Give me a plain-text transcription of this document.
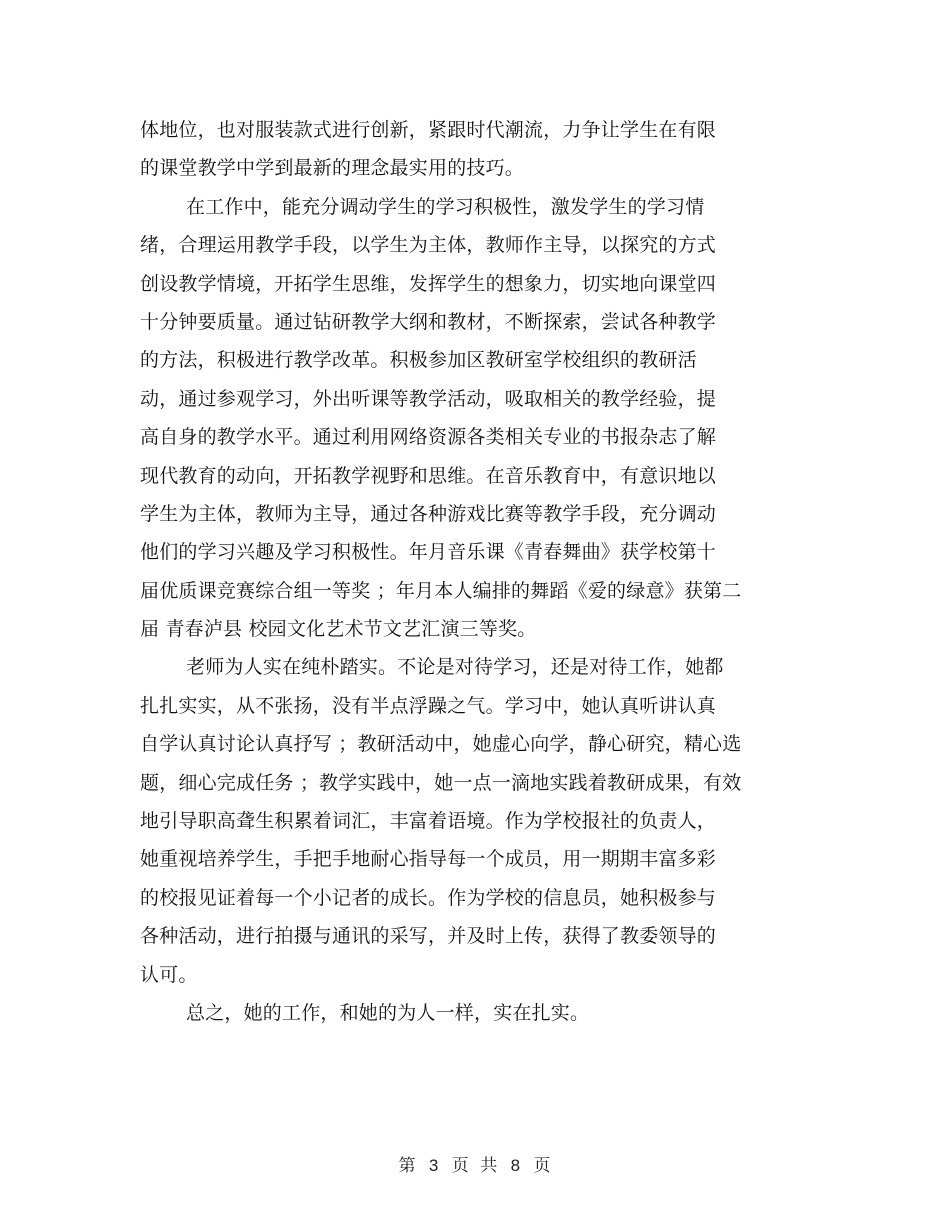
体地位，也对服装款式进行创新，紧跟时代潮流，力争让学生在有限
的课堂教学中学到最新的理念最实用的技巧。
在工作中，能充分调动学生的学习积极性，激发学生的学习情
绪，合理运用教学手段，以学生为主体，教师作主导，以探究的方式
创设教学情境，开拓学生思维，发挥学生的想象力，切实地向课堂四
十分钟要质量。通过钻研教学大纲和教材，不断探索，尝试各种教学
的方法，积极进行教学改革。积极参加区教研室学校组织的教研活
动，通过参观学习，外出听课等教学活动，吸取相关的教学经验，提
高自身的教学水平。通过利用网络资源各类相关专业的书报杂志了解
现代教育的动向，开拓教学视野和思维。在音乐教育中，有意识地以
学生为主体，教师为主导，通过各种游戏比赛等教学手段，充分调动
他们的学习兴趣及学习积极性。年月音乐课《青春舞曲》获学校第十
届优质课竞赛综合组一等奖 ；年月本人编排的舞蹈《爱的绿意》获第二
届 青春泸县 校园文化艺术节文艺汇演三等奖。
老师为人实在纯朴踏实。不论是对待学习，还是对待工作，她都
扎扎实实，从不张扬，没有半点浮躁之气。学习中，她认真听讲认真
自学认真讨论认真抒写 ；教研活动中，她虚心向学，静心研究，精心选
题，细心完成任务 ；教学实践中，她一点一滴地实践着教研成果，有效
地引导职高聋生积累着词汇，丰富着语境。作为学校报社的负责人，
她重视培养学生，手把手地耐心指导每一个成员，用一期期丰富多彩
的校报见证着每一个小记者的成长。作为学校的信息员，她积极参与
各种活动，进行拍摄与通讯的采写，并及时上传，获得了教委领导的
认可。
总之，她的工作，和她的为人一样，实在扎实。
第 3 页 共 8 页
